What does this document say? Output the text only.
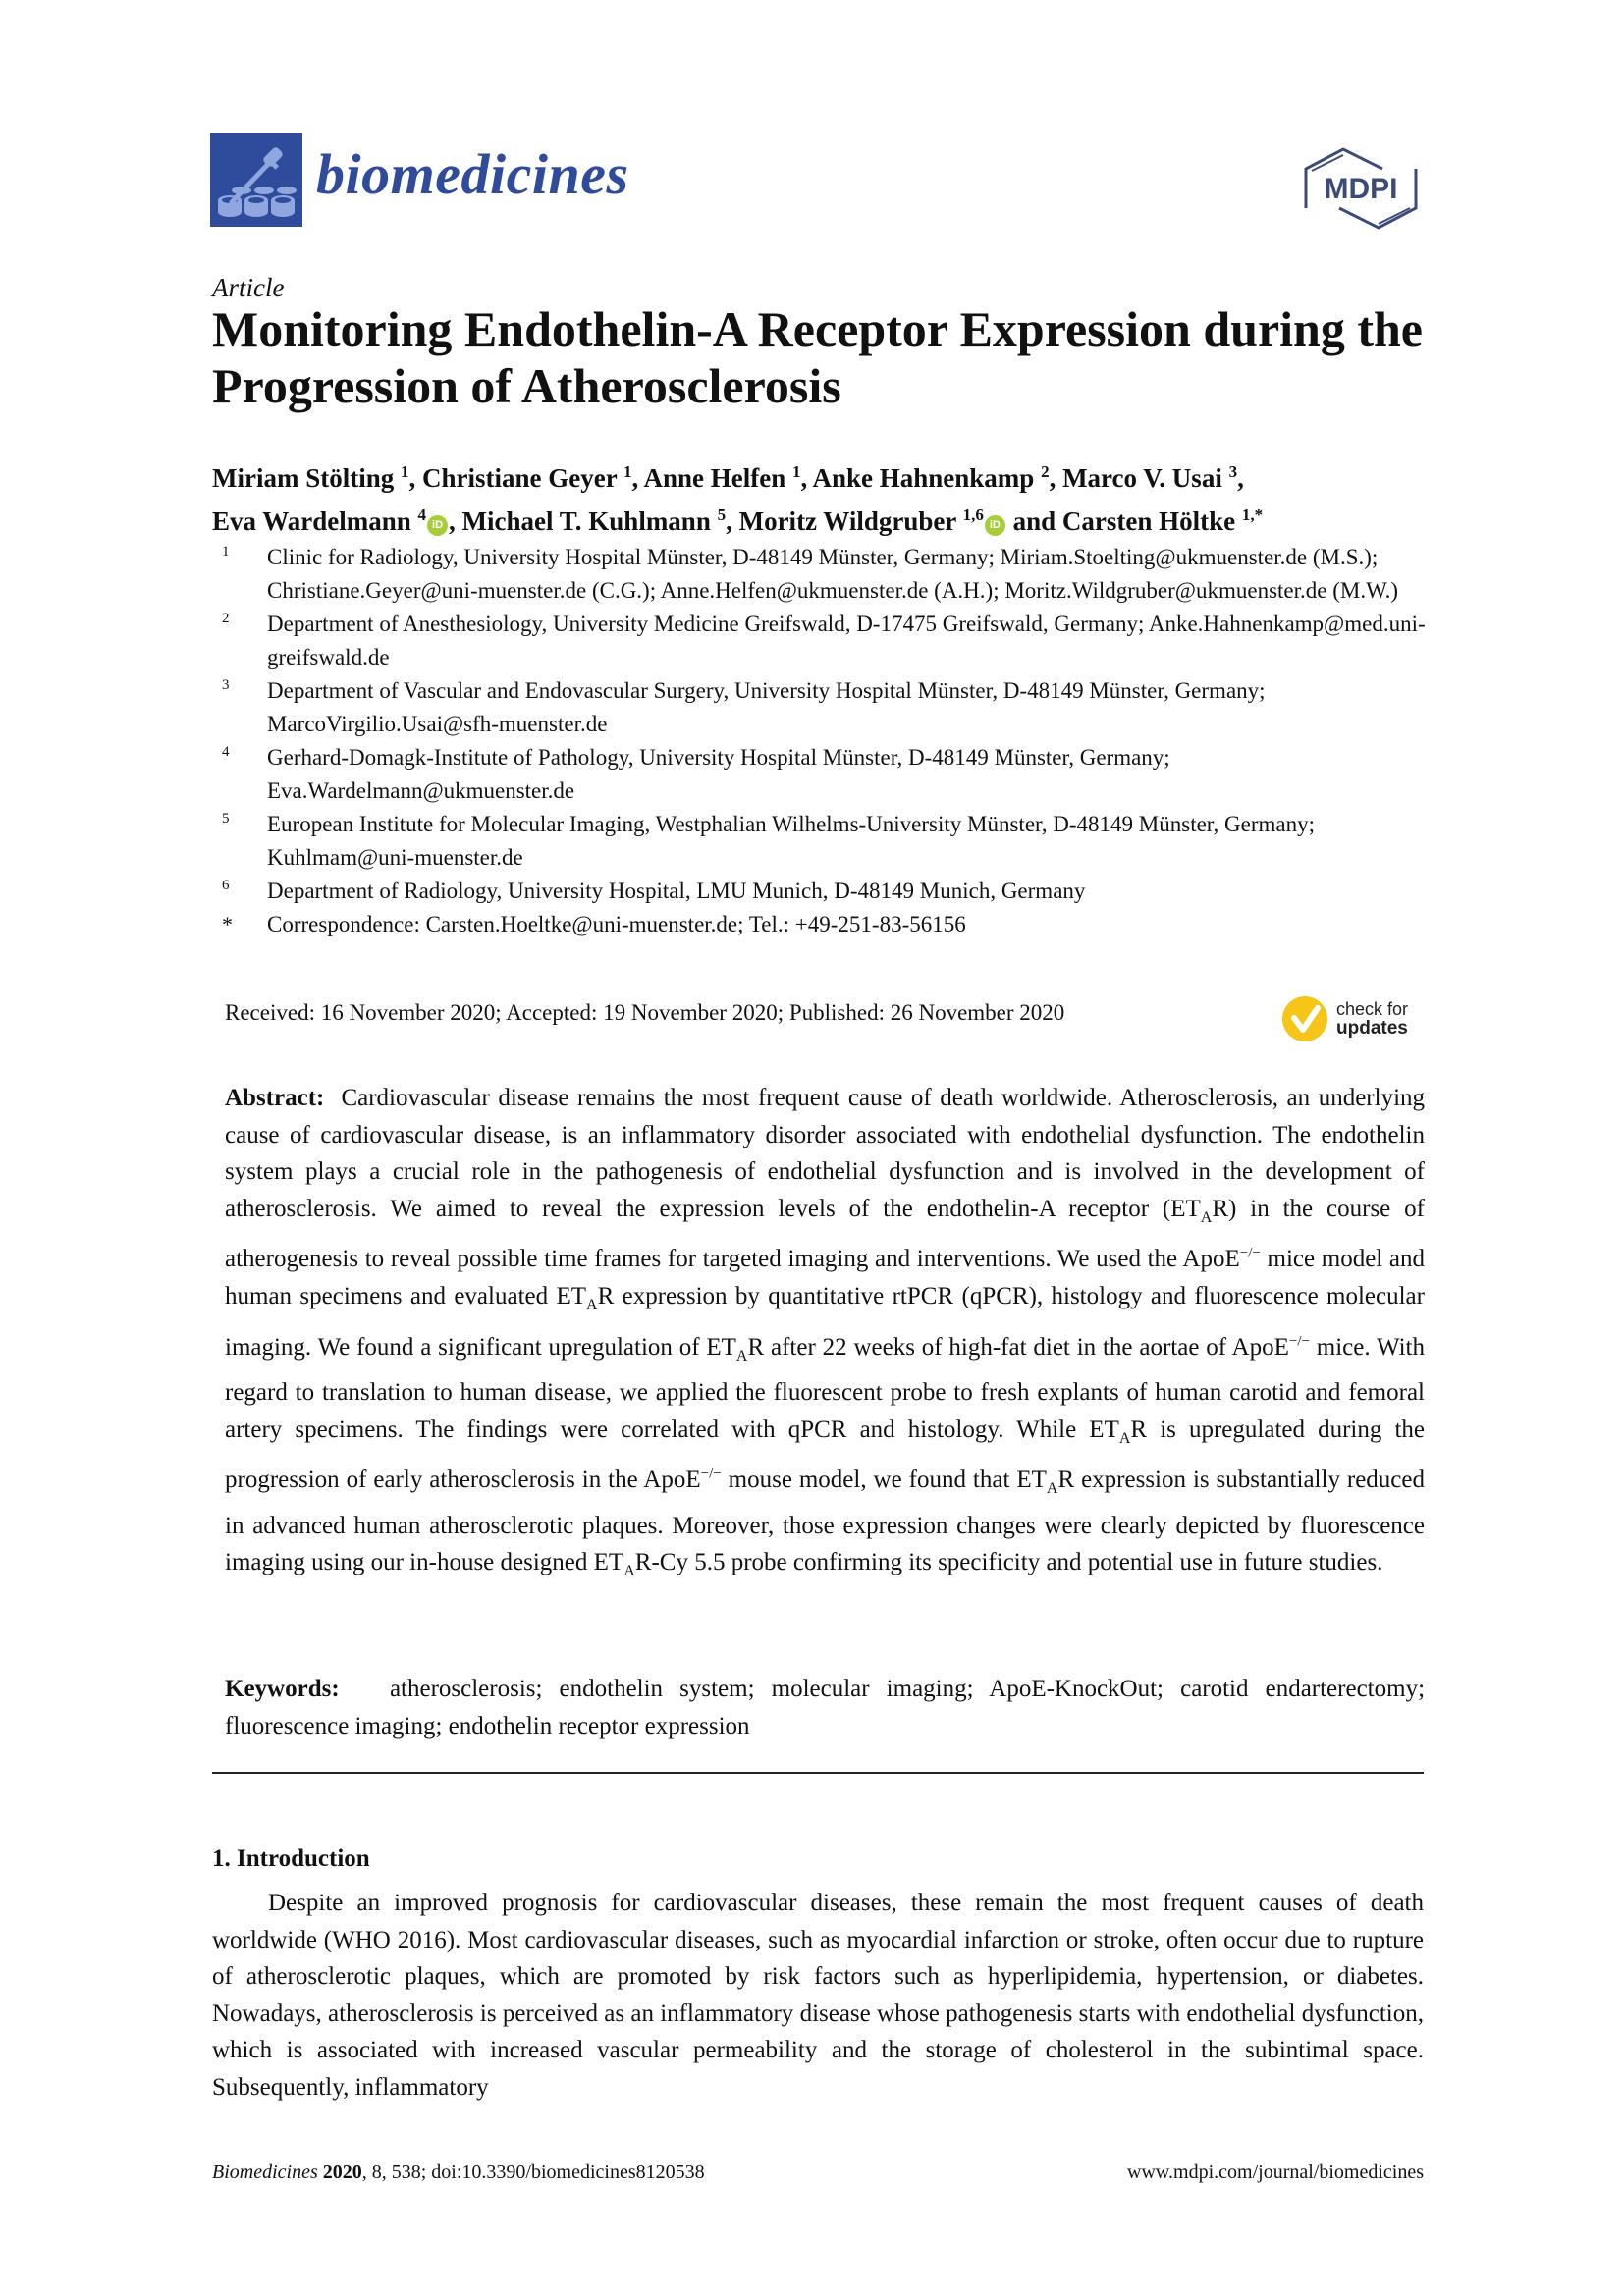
biomedicines	MDPI
Article
Monitoring Endothelin-A Receptor Expression during the Progression of Atherosclerosis
Miriam Stölting $^1$, Christiane Geyer $^1$, Anne Helfen $^1$, Anke Hahnenkamp $^2$, Marco V. Usai $^3$,
Eva Wardelmann $^4$iD , Michael T. Kuhlmann $^5$, Moritz Wildgruber $^{1,6}$iD and Carsten Höltke $^{1,*}$
1	Clinic for Radiology, University Hospital Münster, D-48149 Münster, Germany; Miriam.Stoelting@ukmuenster.de (M.S.); Christiane.Geyer@uni-muenster.de (C.G.); Anne.Helfen@ukmuenster.de (A.H.); Moritz.Wildgruber@ukmuenster.de (M.W.)
2	Department of Anesthesiology, University Medicine Greifswald, D-17475 Greifswald, Germany; Anke.Hahnenkamp@med.uni-greifswald.de
3	Department of Vascular and Endovascular Surgery, University Hospital Münster, D-48149 Münster, Germany; MarcoVirgilio.Usai@sfh-muenster.de
4	Gerhard-Domagk-Institute of Pathology, University Hospital Münster, D-48149 Münster, Germany; Eva.Wardelmann@ukmuenster.de
5	European Institute for Molecular Imaging, Westphalian Wilhelms-University Münster, D-48149 Münster, Germany; Kuhlmam@uni-muenster.de
6	Department of Radiology, University Hospital, LMU Munich, D-48149 Munich, Germany
*	Correspondence: Carsten.Hoeltke@uni-muenster.de; Tel.: +49-251-83-56156
Received: 16 November 2020; Accepted: 19 November 2020; Published: 26 November 2020	check for
updates
Abstract: Cardiovascular disease remains the most frequent cause of death worldwide. Atherosclerosis, an underlying cause of cardiovascular disease, is an inflammatory disorder associated with endothelial dysfunction. The endothelin system plays a crucial role in the pathogenesis of endothelial dysfunction and is involved in the development of atherosclerosis. We aimed to reveal the expression levels of the endothelin-A receptor $(ET_AR)$ in the course of atherogenesis to reveal possible time frames for targeted imaging and interventions. We used the ApoE−/− mice model and human specimens and evaluated $ET_AR$ expression by quantitative rtPCR (qPCR), histology and fluorescence molecular imaging. We found a significant upregulation of $ET_AR$ after 22 weeks of high-fat diet in the aortae of ApoE−/− mice. With regard to translation to human disease, we applied the fluorescent probe to fresh explants of human carotid and femoral artery specimens. The findings were correlated with qPCR and histology. While $ET_AR$ is upregulated during the progression of early atherosclerosis in the ApoE−/− mouse model, we found that $ET_AR$ expression is substantially reduced in advanced human atherosclerotic plaques. Moreover, those expression changes were clearly depicted by fluorescence imaging using our in-house designed $ET_AR-Cy$ 5.5 probe confirming its specificity and potential use in future studies.
Keywords: atherosclerosis; endothelin system; molecular imaging; ApoE-KnockOut; carotid endarterectomy; fluorescence imaging; endothelin receptor expression
1. Introduction
Despite an improved prognosis for cardiovascular diseases, these remain the most frequent causes of death worldwide (WHO 2016). Most cardiovascular diseases, such as myocardial infarction or stroke, often occur due to rupture of atherosclerotic plaques, which are promoted by risk factors such as hyperlipidemia, hypertension, or diabetes. Nowadays, atherosclerosis is perceived as an inflammatory disease whose pathogenesis starts with endothelial dysfunction, which is associated with increased vascular permeability and the storage of cholesterol in the subintimal space. Subsequently, inflammatory
Biomedicines 2020, 8, 538; doi:10.3390/biomedicines8120538	www.mdpi.com/journal/biomedicines
